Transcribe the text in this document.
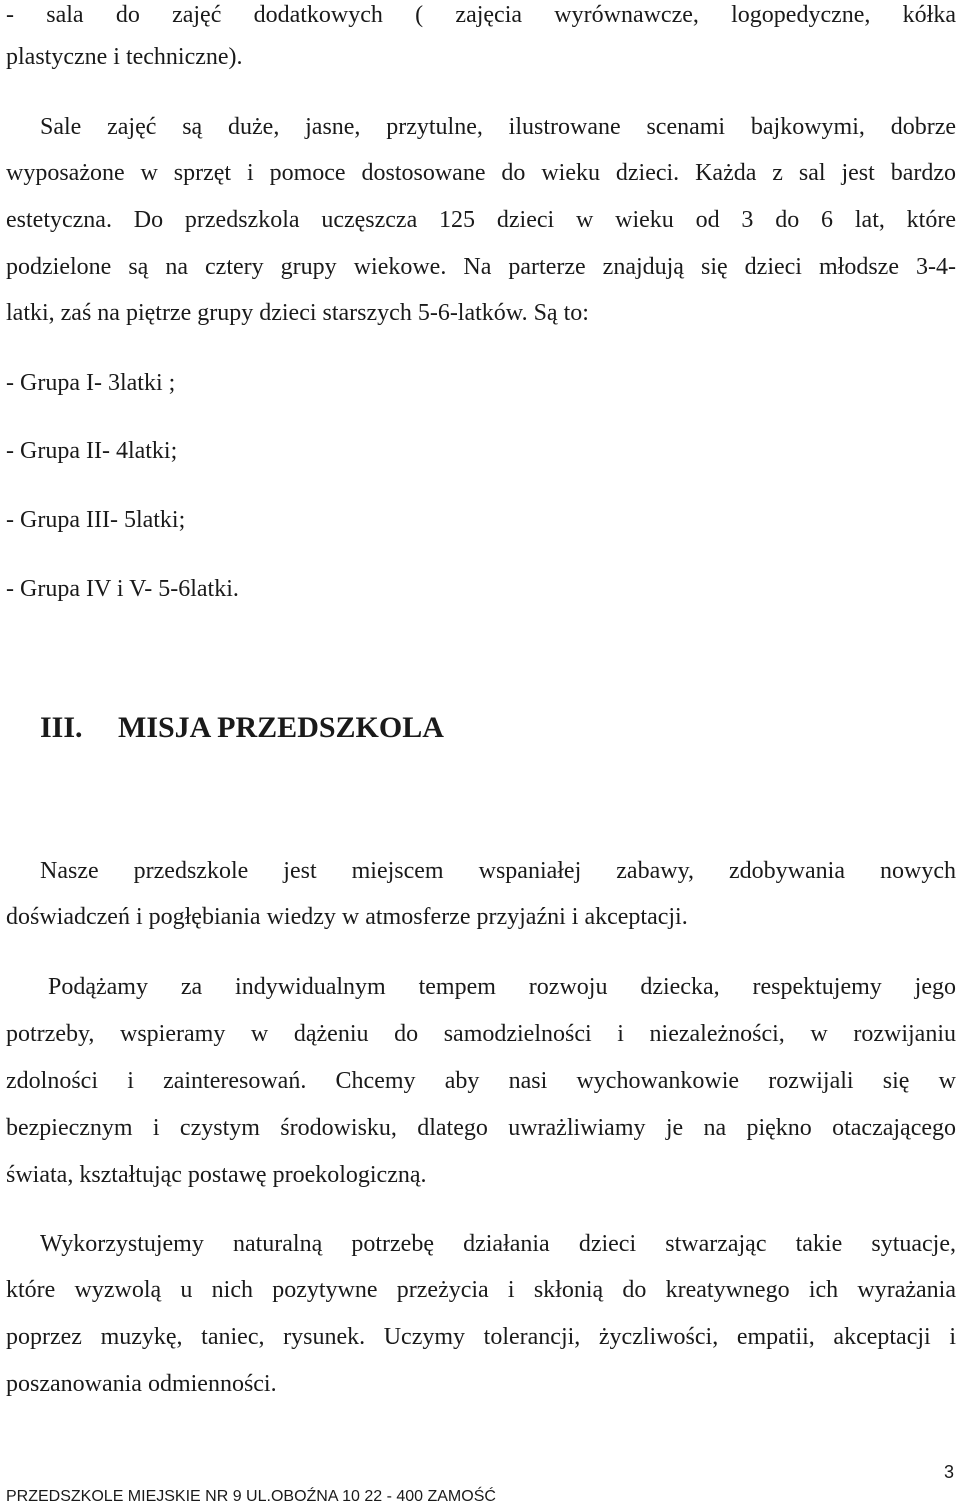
- sala do zajęć dodatkowych ( zajęcia wyrównawcze, logopedyczne, kółka
plastyczne i techniczne).
Sale zajęć są duże, jasne, przytulne, ilustrowane scenami bajkowymi, dobrze
wyposażone w sprzęt i pomoce dostosowane do wieku dzieci. Każda z sal jest bardzo
estetyczna. Do przedszkola uczęszcza 125 dzieci w wieku od 3 do 6 lat, które
podzielone są na cztery grupy wiekowe. Na parterze znajdują się dzieci młodsze 3-4-
latki, zaś na piętrze grupy dzieci starszych 5-6-latków. Są to:
- Grupa I- 3latki ;
- Grupa II- 4latki;
- Grupa III- 5latki;
- Grupa IV i V- 5-6latki.
III. MISJA PRZEDSZKOLA
Nasze przedszkole jest miejscem wspaniałej zabawy, zdobywania nowych
doświadczeń i pogłębiania wiedzy w atmosferze przyjaźni i akceptacji.
Podążamy za indywidualnym tempem rozwoju dziecka, respektujemy jego
potrzeby, wspieramy w dążeniu do samodzielności i niezależności, w rozwijaniu
zdolności i zainteresowań. Chcemy aby nasi wychowankowie rozwijali się w
bezpiecznym i czystym środowisku, dlatego uwrażliwiamy je na piękno otaczającego
świata, kształtując postawę proekologiczną.
Wykorzystujemy naturalną potrzebę działania dzieci stwarzając takie sytuacje,
które wyzwolą u nich pozytywne przeżycia i skłonią do kreatywnego ich wyrażania
poprzez muzykę, taniec, rysunek. Uczymy tolerancji, życzliwości, empatii, akceptacji i
poszanowania odmienności.
3
PRZEDSZKOLE MIEJSKIE NR 9 UL.OBOŹNA 10 22 - 400 ZAMOŚĆ
